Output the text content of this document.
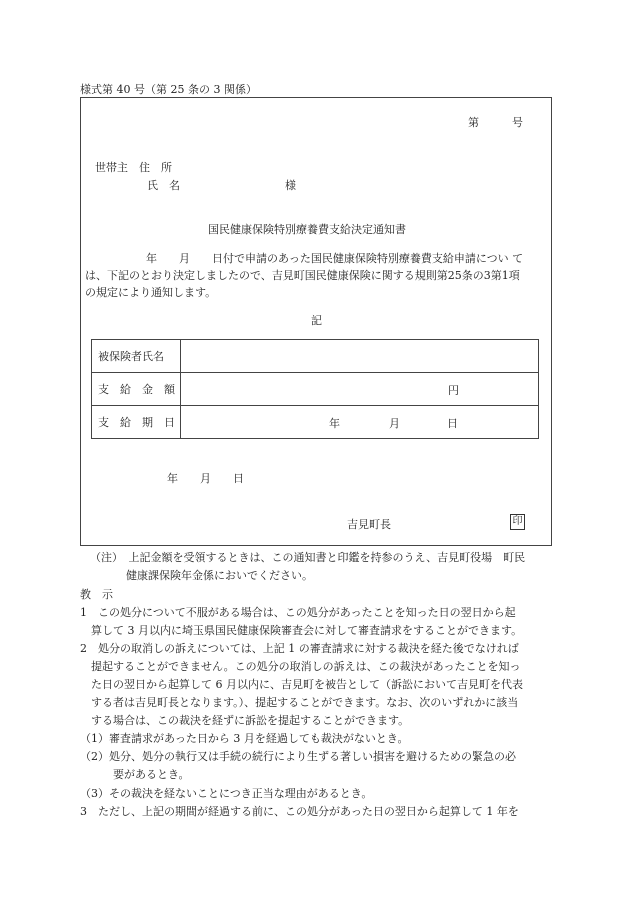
様式第 40 号（第 25 条の 3 関係）
第　　　号
世帯主　住　所
氏　名	様
国民健康保険特別療養費支給決定通知書
年　　月　　日付で申請のあった国民健康保険特別療養費支給申請につい て
は、下記のとおり決定しましたので、吉見町国民健康保険に関する規則第25条の3第1項
の規定により通知します。
記
被保険者氏名	
支　給　金　額	円

支　給　期　日	年 月 日
年　　月　　日
吉見町長	印
（注）　上記金額を受領するときは、この通知書と印鑑を持参のうえ、吉見町役場　町民
健康課保険年金係においでください。
教　示
1　この処分について不服がある場合は、この処分があったことを知った日の翌日から起
算して 3 月以内に埼玉県国民健康保険審査会に対して審査請求をすることができます。
2　処分の取消しの訴えについては、上記 1 の審査請求に対する裁決を経た後でなければ
提起することができません。この処分の取消しの訴えは、この裁決があったことを知っ
た日の翌日から起算して 6 月以内に、吉見町を被告として（訴訟において吉見町を代表
する者は吉見町長となります。）、提起することができます。なお、次のいずれかに該当
する場合は、この裁決を経ずに訴訟を提起することができます。
（1）審査請求があった日から 3 月を経過しても裁決がないとき。
（2）処分、処分の執行又は手続の続行により生ずる著しい損害を避けるための緊急の必
要があるとき。
（3）その裁決を経ないことにつき正当な理由があるとき。
3　ただし、上記の期間が経過する前に、この処分があった日の翌日から起算して 1 年を
